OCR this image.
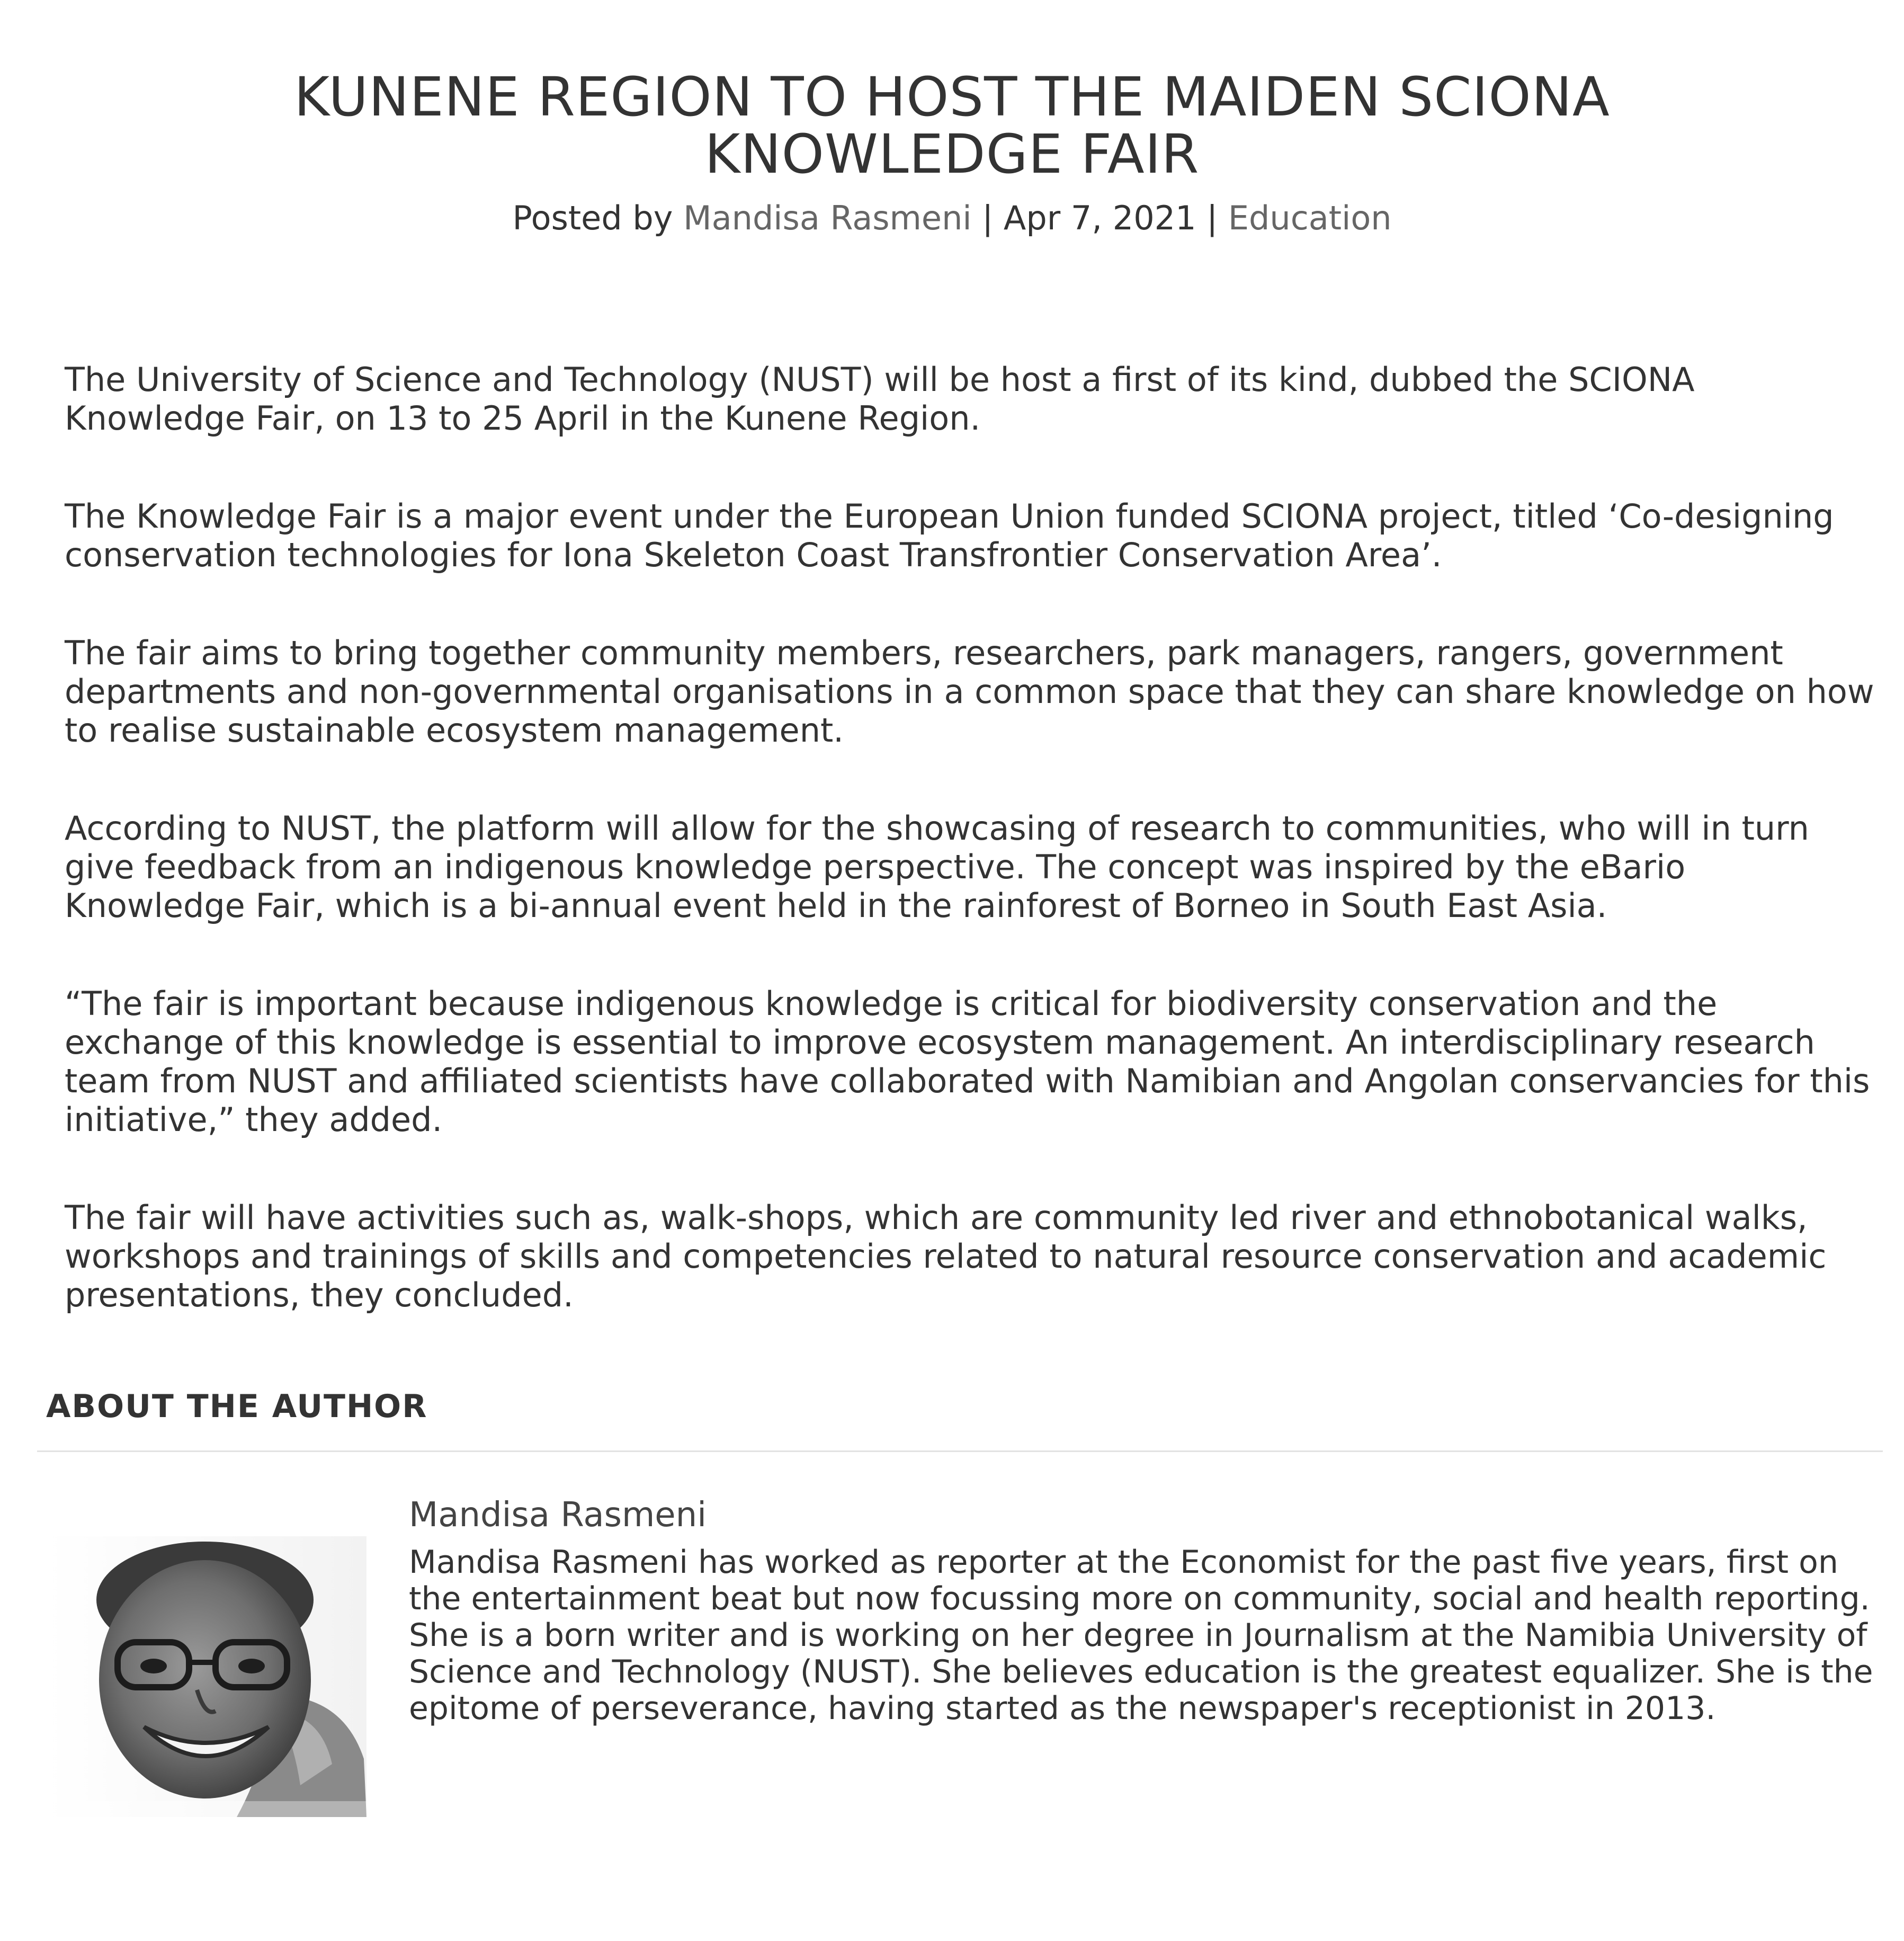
KUNENE REGION TO HOST THE MAIDEN SCIONA KNOWLEDGE FAIR
Posted by Mandisa Rasmeni | Apr 7, 2021 | Education

The University of Science and Technology (NUST) will be host a first of its kind, dubbed the SCIONA Knowledge Fair, on 13 to 25 April in the Kunene Region.

The Knowledge Fair is a major event under the European Union funded SCIONA project, titled ‘Co-designing conservation technologies for Iona Skeleton Coast Transfrontier Conservation Area’.

The fair aims to bring together community members, researchers, park managers, rangers, government departments and non-governmental organisations in a common space that they can share knowledge on how to realise sustainable ecosystem management.

According to NUST, the platform will allow for the showcasing of research to communities, who will in turn give feedback from an indigenous knowledge perspective. The concept was inspired by the eBario Knowledge Fair, which is a bi-annual event held in the rainforest of Borneo in South East Asia.

“The fair is important because indigenous knowledge is critical for biodiversity conservation and the exchange of this knowledge is essential to improve ecosystem management. An interdisciplinary research team from NUST and affiliated scientists have collaborated with Namibian and Angolan conservancies for this initiative,” they added.

The fair will have activities such as, walk-shops, which are community led river and ethnobotanical walks, workshops and trainings of skills and competencies related to natural resource conservation and academic presentations, they concluded.

ABOUT THE AUTHOR
Mandisa Rasmeni

Mandisa Rasmeni has worked as reporter at the Economist for the past five years, first on the entertainment beat but now focussing more on community, social and health reporting. She is a born writer and is working on her degree in Journalism at the Namibia University of Science and Technology (NUST). She believes education is the greatest equalizer. She is the epitome of perseverance, having started as the newspaper's receptionist in 2013.
